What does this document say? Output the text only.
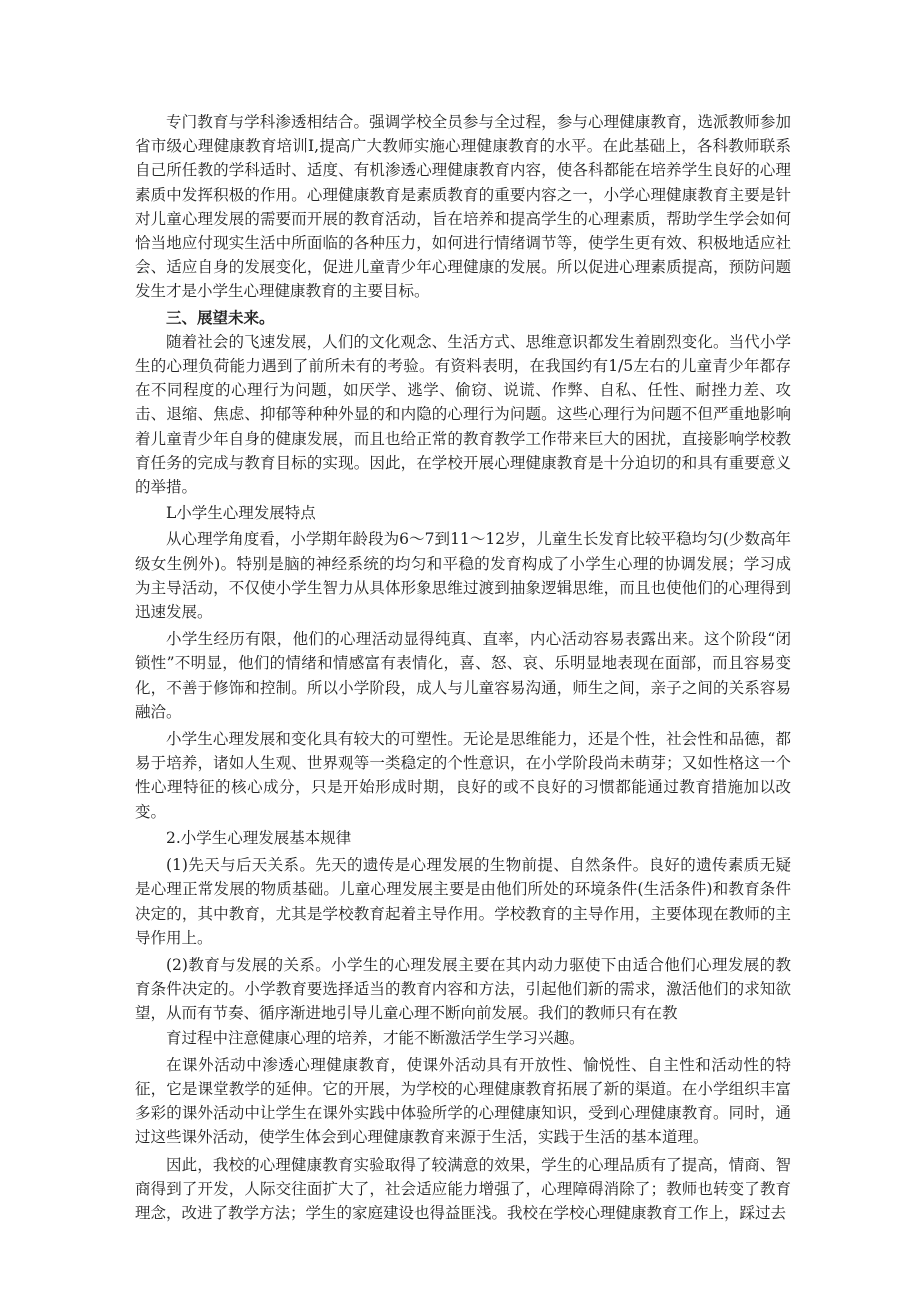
专门教育与学科渗透相结合。强调学校全员参与全过程，参与心理健康教育，选派教师参加省市级心理健康教育培训I,提高广大教师实施心理健康教育的水平。在此基础上，各科教师联系自己所任教的学科适时、适度、有机渗透心理健康教育内容，使各科都能在培养学生良好的心理素质中发挥积极的作用。心理健康教育是素质教育的重要内容之一，小学心理健康教育主要是针对儿童心理发展的需要而开展的教育活动，旨在培养和提高学生的心理素质，帮助学生学会如何恰当地应付现实生活中所面临的各种压力，如何进行情绪调节等，使学生更有效、积极地适应社会、适应自身的发展变化，促进儿童青少年心理健康的发展。所以促进心理素质提高，预防问题发生才是小学生心理健康教育的主要目标。

三、展望未来。

随着社会的飞速发展，人们的文化观念、生活方式、思维意识都发生着剧烈变化。当代小学生的心理负荷能力遇到了前所未有的考验。有资料表明，在我国约有1/5左右的儿童青少年都存在不同程度的心理行为问题，如厌学、逃学、偷窃、说谎、作弊、自私、任性、耐挫力差、攻击、退缩、焦虑、抑郁等种种外显的和内隐的心理行为问题。这些心理行为问题不但严重地影响着儿童青少年自身的健康发展，而且也给正常的教育教学工作带来巨大的困扰，直接影响学校教育任务的完成与教育目标的实现。因此，在学校开展心理健康教育是十分迫切的和具有重要意义的举措。

L小学生心理发展特点

从心理学角度看，小学期年龄段为6〜7到11〜12岁，儿童生长发育比较平稳均匀(少数高年级女生例外)。特别是脑的神经系统的均匀和平稳的发育构成了小学生心理的协调发展；学习成为主导活动，不仅使小学生智力从具体形象思维过渡到抽象逻辑思维，而且也使他们的心理得到迅速发展。

小学生经历有限，他们的心理活动显得纯真、直率，内心活动容易表露出来。这个阶段“闭锁性”不明显，他们的情绪和情感富有表情化，喜、怒、哀、乐明显地表现在面部，而且容易变化，不善于修饰和控制。所以小学阶段，成人与儿童容易沟通，师生之间，亲子之间的关系容易融洽。

小学生心理发展和变化具有较大的可塑性。无论是思维能力，还是个性，社会性和品德，都易于培养，诸如人生观、世界观等一类稳定的个性意识，在小学阶段尚未萌芽；又如性格这一个性心理特征的核心成分，只是开始形成时期，良好的或不良好的习惯都能通过教育措施加以改变。

2.小学生心理发展基本规律

(1)先天与后天关系。先天的遗传是心理发展的生物前提、自然条件。良好的遗传素质无疑是心理正常发展的物质基础。儿童心理发展主要是由他们所处的环境条件(生活条件)和教育条件决定的，其中教育，尤其是学校教育起着主导作用。学校教育的主导作用，主要体现在教师的主导作用上。

(2)教育与发展的关系。小学生的心理发展主要在其内动力驱使下由适合他们心理发展的教育条件决定的。小学教育要选择适当的教育内容和方法，引起他们新的需求，激活他们的求知欲望，从而有节奏、循序渐进地引导儿童心理不断向前发展。我们的教师只有在教

育过程中注意健康心理的培养，才能不断激活学生学习兴趣。

在课外活动中渗透心理健康教育，使课外活动具有开放性、愉悦性、自主性和活动性的特征，它是课堂教学的延伸。它的开展，为学校的心理健康教育拓展了新的渠道。在小学组织丰富多彩的课外活动中让学生在课外实践中体验所学的心理健康知识，受到心理健康教育。同时，通过这些课外活动，使学生体会到心理健康教育来源于生活，实践于生活的基本道理。

因此，我校的心理健康教育实验取得了较满意的效果，学生的心理品质有了提高，情商、智商得到了开发，人际交往面扩大了，社会适应能力增强了，心理障碍消除了；教师也转变了教育理念，改进了教学方法；学生的家庭建设也得益匪浅。我校在学校心理健康教育工作上，踩过去
